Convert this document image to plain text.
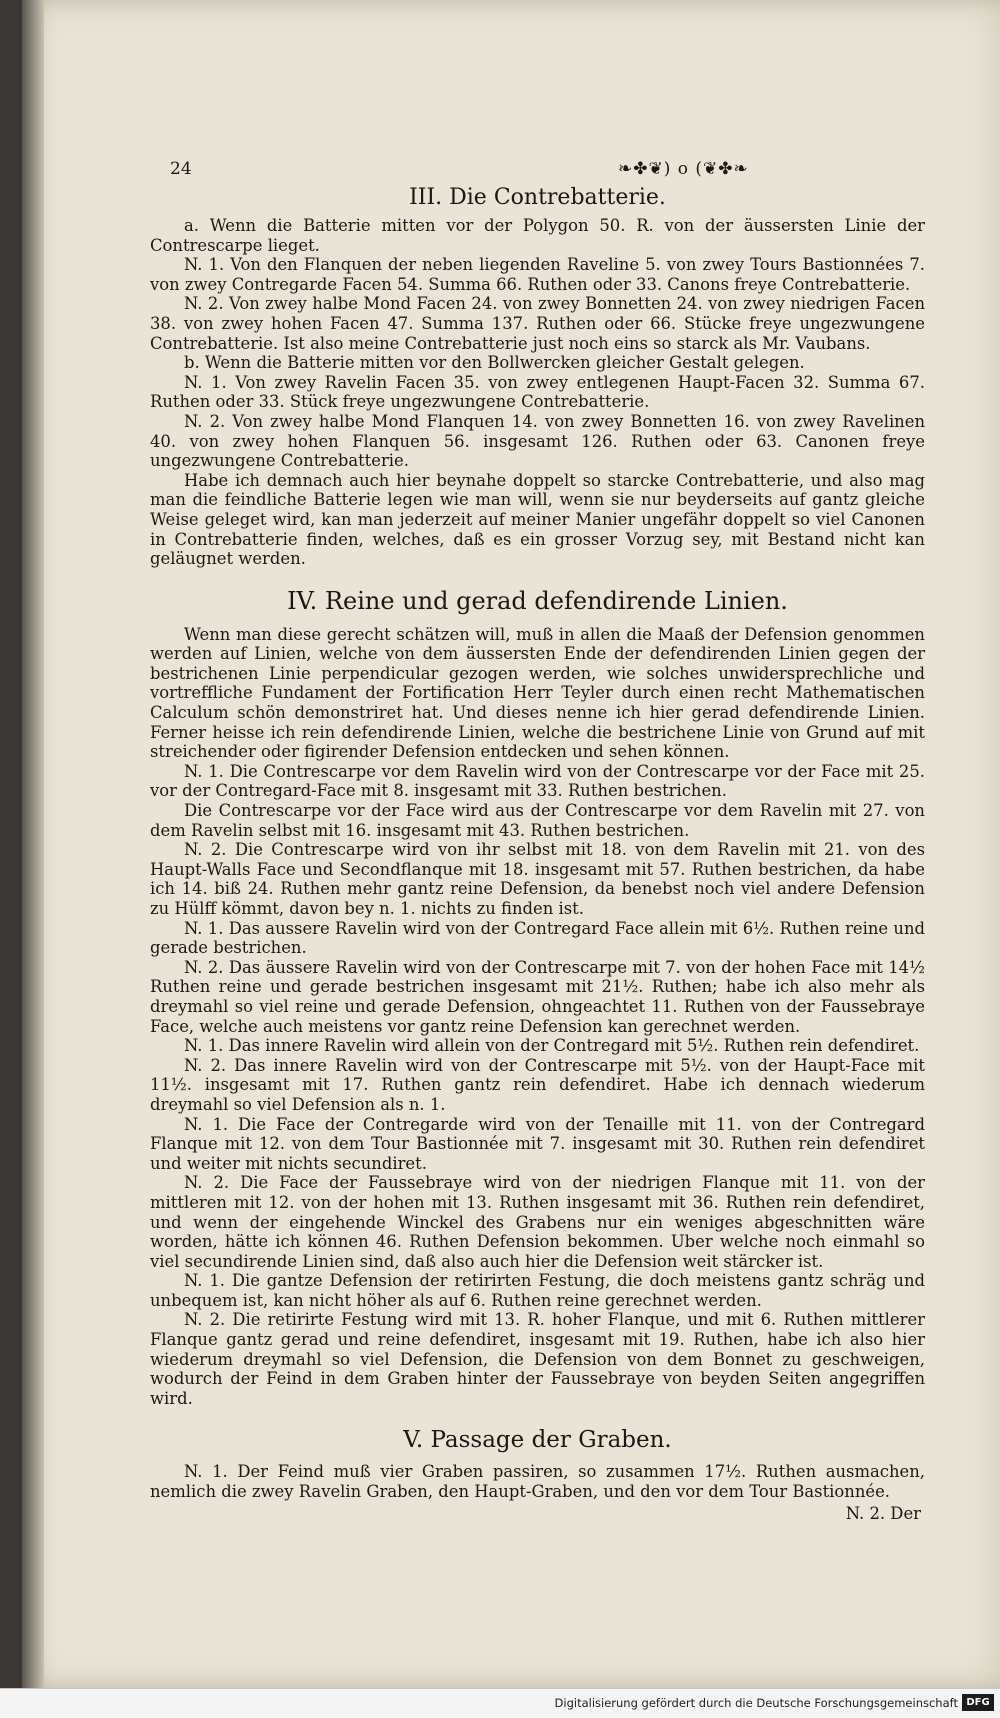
24	❧✤❦) o (❦✤❧
III. Die Contrebatterie.

a. Wenn die Batterie mitten vor der Polygon 50. R. von der äussersten Linie der Contrescarpe lieget.

N. 1. Von den Flanquen der neben liegenden Raveline 5. von zwey Tours Bastionnées 7. von zwey Contregarde Facen 54. Summa 66. Ruthen oder 33. Canons freye Contrebatterie.

N. 2. Von zwey halbe Mond Facen 24. von zwey Bonnetten 24. von zwey niedrigen Facen 38. von zwey hohen Facen 47. Summa 137. Ruthen oder 66. Stücke freye ungezwungene Contrebatterie. Ist also meine Contrebatterie just noch eins so starck als Mr. Vaubans.

b. Wenn die Batterie mitten vor den Bollwercken gleicher Gestalt gelegen.

N. 1. Von zwey Ravelin Facen 35. von zwey entlegenen Haupt-Facen 32. Summa 67. Ruthen oder 33. Stück freye ungezwungene Contrebatterie.

N. 2. Von zwey halbe Mond Flanquen 14. von zwey Bonnetten 16. von zwey Ravelinen 40. von zwey hohen Flanquen 56. insgesamt 126. Ruthen oder 63. Canonen freye ungezwungene Contrebatterie.

Habe ich demnach auch hier beynahe doppelt so starcke Contrebatterie, und also mag man die feindliche Batterie legen wie man will, wenn sie nur beyderseits auf gantz gleiche Weise geleget wird, kan man jederzeit auf meiner Manier ungefähr doppelt so viel Canonen in Contrebatterie finden, welches, daß es ein grosser Vorzug sey, mit Bestand nicht kan geläugnet werden.

IV. Reine und gerad defendirende Linien.

Wenn man diese gerecht schätzen will, muß in allen die Maaß der Defension genommen werden auf Linien, welche von dem äussersten Ende der defendirenden Linien gegen der bestrichenen Linie perpendicular gezogen werden, wie solches unwidersprechliche und vortreffliche Fundament der Fortification Herr Teyler durch einen recht Mathematischen Calculum schön demonstriret hat. Und dieses nenne ich hier gerad defendirende Linien. Ferner heisse ich rein defendirende Linien, welche die bestrichene Linie von Grund auf mit streichender oder figirender Defension entdecken und sehen können.

N. 1. Die Contrescarpe vor dem Ravelin wird von der Contrescarpe vor der Face mit 25. vor der Contregard-Face mit 8. insgesamt mit 33. Ruthen bestrichen.

Die Contrescarpe vor der Face wird aus der Contrescarpe vor dem Ravelin mit 27. von dem Ravelin selbst mit 16. insgesamt mit 43. Ruthen bestrichen.

N. 2. Die Contrescarpe wird von ihr selbst mit 18. von dem Ravelin mit 21. von des Haupt-Walls Face und Secondflanque mit 18. insgesamt mit 57. Ruthen bestrichen, da habe ich 14. biß 24. Ruthen mehr gantz reine Defension, da benebst noch viel andere Defension zu Hülff kömmt, davon bey n. 1. nichts zu finden ist.

N. 1. Das aussere Ravelin wird von der Contregard Face allein mit 6½. Ruthen reine und gerade bestrichen.

N. 2. Das äussere Ravelin wird von der Contrescarpe mit 7. von der hohen Face mit 14½ Ruthen reine und gerade bestrichen insgesamt mit 21½. Ruthen; habe ich also mehr als dreymahl so viel reine und gerade Defension, ohngeachtet 11. Ruthen von der Faussebraye Face, welche auch meistens vor gantz reine Defension kan gerechnet werden.

N. 1. Das innere Ravelin wird allein von der Contregard mit 5½. Ruthen rein defendiret.

N. 2. Das innere Ravelin wird von der Contrescarpe mit 5½. von der Haupt-Face mit 11½. insgesamt mit 17. Ruthen gantz rein defendiret. Habe ich dennach wiederum dreymahl so viel Defension als n. 1.

N. 1. Die Face der Contregarde wird von der Tenaille mit 11. von der Contregard Flanque mit 12. von dem Tour Bastionnée mit 7. insgesamt mit 30. Ruthen rein defendiret und weiter mit nichts secundiret.

N. 2. Die Face der Faussebraye wird von der niedrigen Flanque mit 11. von der mittleren mit 12. von der hohen mit 13. Ruthen insgesamt mit 36. Ruthen rein defendiret, und wenn der eingehende Winckel des Grabens nur ein weniges abgeschnitten wäre worden, hätte ich können 46. Ruthen Defension bekommen. Uber welche noch einmahl so viel secundirende Linien sind, daß also auch hier die Defension weit stärcker ist.

N. 1. Die gantze Defension der retirirten Festung, die doch meistens gantz schräg und unbequem ist, kan nicht höher als auf 6. Ruthen reine gerechnet werden.

N. 2. Die retirirte Festung wird mit 13. R. hoher Flanque, und mit 6. Ruthen mittlerer Flanque gantz gerad und reine defendiret, insgesamt mit 19. Ruthen, habe ich also hier wiederum dreymahl so viel Defension, die Defension von dem Bonnet zu geschweigen, wodurch der Feind in dem Graben hinter der Faussebraye von beyden Seiten angegriffen wird.

V. Passage der Graben.

N. 1. Der Feind muß vier Graben passiren, so zusammen 17½. Ruthen ausmachen, nemlich die zwey Ravelin Graben, den Haupt-Graben, und den vor dem Tour Bastionnée.

N. 2. Der
Digitalisierung gefördert durch die Deutsche Forschungsgemeinschaft DFG
